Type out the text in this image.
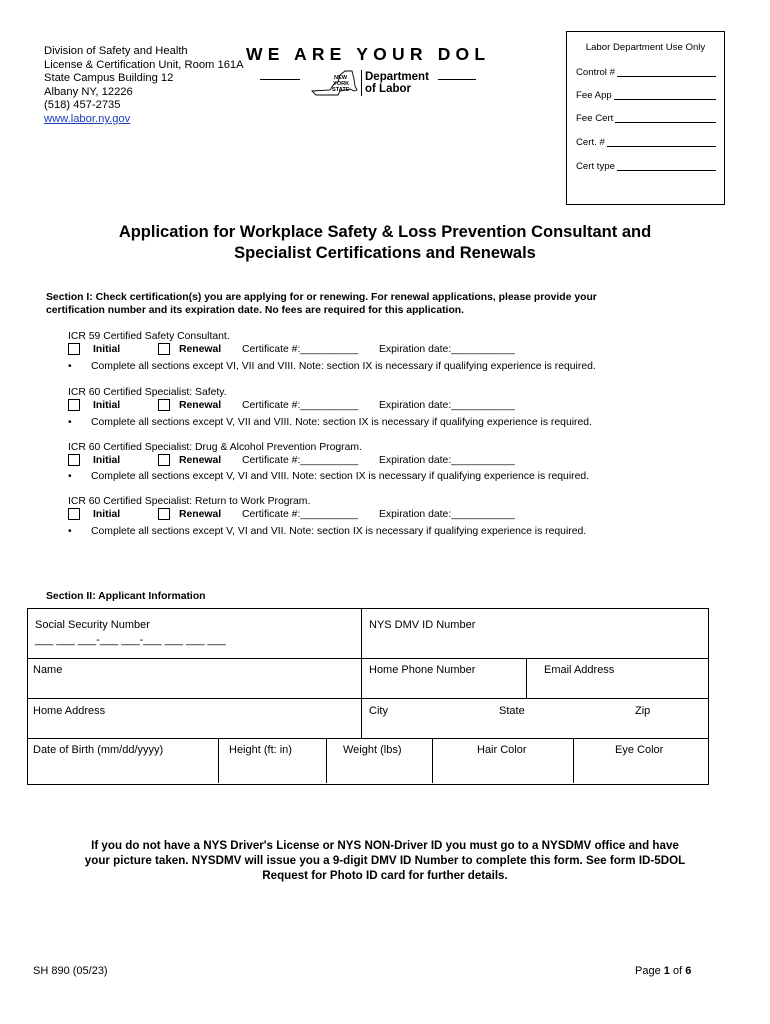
Division of Safety and Health
License & Certification Unit, Room 161A
State Campus Building 12
Albany NY, 12226
(518) 457-2735
www.labor.ny.gov
WE ARE YOUR DOL
NEW
YORK
STATE
Department
of Labor
Labor Department Use Only
Control #
Fee App
Fee Cert
Cert. #
Cert type
Application for Workplace Safety & Loss Prevention Consultant and
Specialist Certifications and Renewals
Section I: Check certification(s) you are applying for or renewing. For renewal applications, please provide your
certification number and its expiration date. No fees are required for this application.
ICR 59 Certified Safety Consultant.
Initial	Renewal Certificate #:__________ Expiration date:___________
• Complete all sections except VI, VII and VIII. Note: section IX is necessary if qualifying experience is required.
ICR 60 Certified Specialist: Safety.
Initial	Renewal Certificate #:__________ Expiration date:___________
• Complete all sections except V, VII and VIII. Note: section IX is necessary if qualifying experience is required.
ICR 60 Certified Specialist: Drug & Alcohol Prevention Program.
Initial	Renewal Certificate #:__________ Expiration date:___________
• Complete all sections except V, VI and VIII. Note: section IX is necessary if qualifying experience is required.
ICR 60 Certified Specialist: Return to Work Program.
Initial	Renewal Certificate #:__________ Expiration date:___________
• Complete all sections except V, VI and VII. Note: section IX is necessary if qualifying experience is required.
Section II: Applicant Information
Social Security Number
___ ___ ___-___ ___-___ ___ ___ ___
NYS DMV ID Number
Name	Home Phone Number	Email Address
Home Address	City	State	Zip
Date of Birth (mm/dd/yyyy)	Height (ft: in)	Weight (lbs)	Hair Color	Eye Color
If you do not have a NYS Driver's License or NYS NON-Driver ID you must go to a NYSDMV office and have
your picture taken. NYSDMV will issue you a 9-digit DMV ID Number to complete this form. See form ID-5DOL
Request for Photo ID card for further details.
SH 890 (05/23)	Page 1 of 6
